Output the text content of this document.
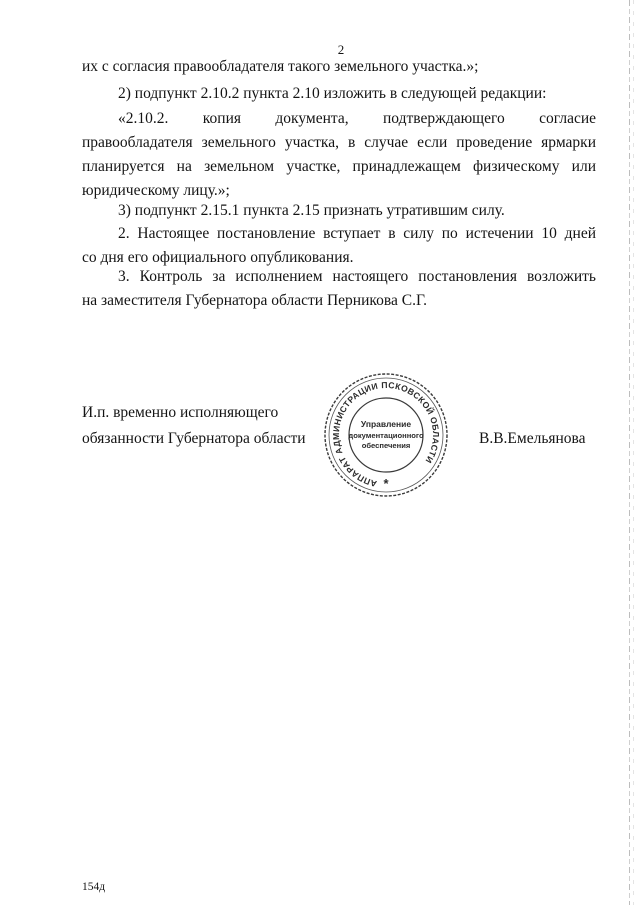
2
их с согласия правообладателя такого земельного участка.»;
2) подпункт 2.10.2 пункта 2.10 изложить в следующей редакции:
«2.10.2. копия документа, подтверждающего согласие
правообладателя земельного участка, в случае если проведение ярмарки
планируется на земельном участке, принадлежащем физическому или
юридическому лицу.»;
3) подпункт 2.15.1 пункта 2.15 признать утратившим силу.
2. Настоящее постановление вступает в силу по истечении 10 дней
со дня его официального опубликования.
3. Контроль за исполнением настоящего постановления возложить
на заместителя Губернатора области Перникова С.Г.
И.п. временно исполняющего
обязанности Губернатора области	В.В.Емельянова
АППАРАТ АДМИНИСТРАЦИИ ПСКОВСКОЙ ОБЛАСТИ
Управление
документационного
обеспечения
*
154д
